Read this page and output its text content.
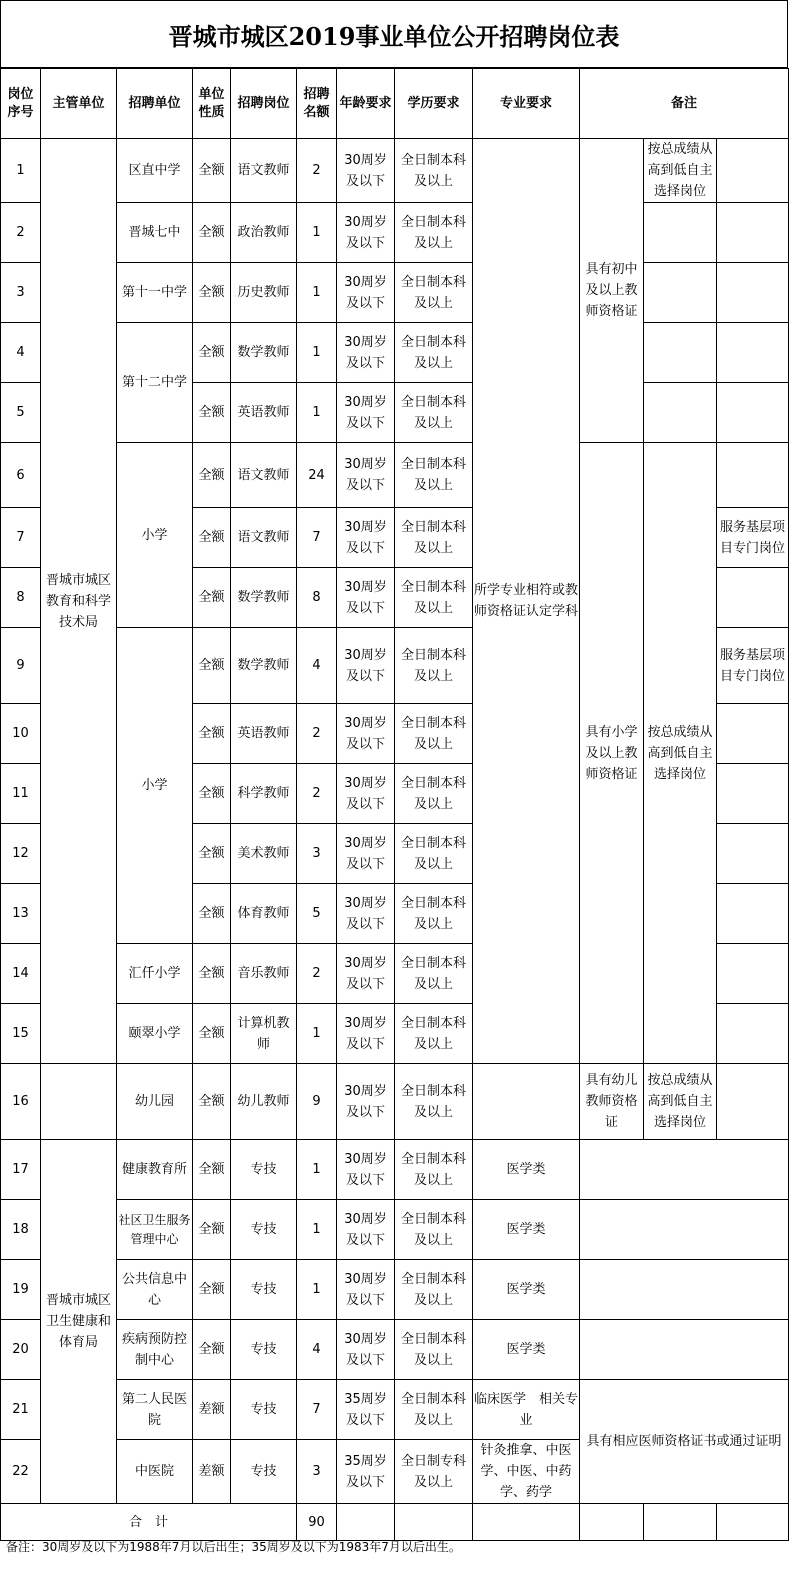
晋城市城区2019事业单位公开招聘岗位表
岗位序号	主管单位	招聘单位	单位性质	招聘岗位	招聘名额	年龄要求	学历要求	专业要求	备注		
1	晋城市城区教育和科学技术局	区直中学	全额	语文教师	2	30周岁及以下	全日制本科及以上	所学专业相符或教师资格证认定学科	具有初中及以上教师资格证	按总成绩从高到低自主选择岗位	
2		晋城七中	全额	政治教师	1	30周岁及以下	全日制本科及以上				
3		第十一中学	全额	历史教师	1	30周岁及以下	全日制本科及以上				
4		第十二中学	全额	数学教师	1	30周岁及以下	全日制本科及以上				
5			全额	英语教师	1	30周岁及以下	全日制本科及以上				
6		小学	全额	语文教师	24	30周岁及以下	全日制本科及以上		具有小学及以上教师资格证	按总成绩从高到低自主选择岗位	
7			全额	语文教师	7	30周岁及以下	全日制本科及以上				服务基层项目专门岗位
8			全额	数学教师	8	30周岁及以下	全日制本科及以上				
9		小学	全额	数学教师	4	30周岁及以下	全日制本科及以上				服务基层项目专门岗位
10			全额	英语教师	2	30周岁及以下	全日制本科及以上				
11			全额	科学教师	2	30周岁及以下	全日制本科及以上				
12			全额	美术教师	3	30周岁及以下	全日制本科及以上				
13			全额	体育教师	5	30周岁及以下	全日制本科及以上				
14		汇仟小学	全额	音乐教师	2	30周岁及以下	全日制本科及以上				
15		颐翠小学	全额	计算机教师	1	30周岁及以下	全日制本科及以上				
16		幼儿园	全额	幼儿教师	9	30周岁及以下	全日制本科及以上		具有幼儿教师资格证	按总成绩从高到低自主选择岗位	
17	晋城市城区卫生健康和体育局	健康教育所	全额	专技	1	30周岁及以下	全日制本科及以上	医学类			
18		社区卫生服务管理中心	全额	专技	1	30周岁及以下	全日制本科及以上	医学类			
19		公共信息中心	全额	专技	1	30周岁及以下	全日制本科及以上	医学类			
20		疾病预防控制中心	全额	专技	4	30周岁及以下	全日制本科及以上	医学类			
21		第二人民医院	差额	专技	7	35周岁及以下	全日制本科及以上	临床医学　相关专业	具有相应医师资格证书或通过证明		
22		中医院	差额	专技	3	35周岁及以下	全日制专科及以上	针灸推拿、中医学、中医、中药学、药学			
合　计					90						
备注：30周岁及以下为1988年7月以后出生；35周岁及以下为1983年7月以后出生。
